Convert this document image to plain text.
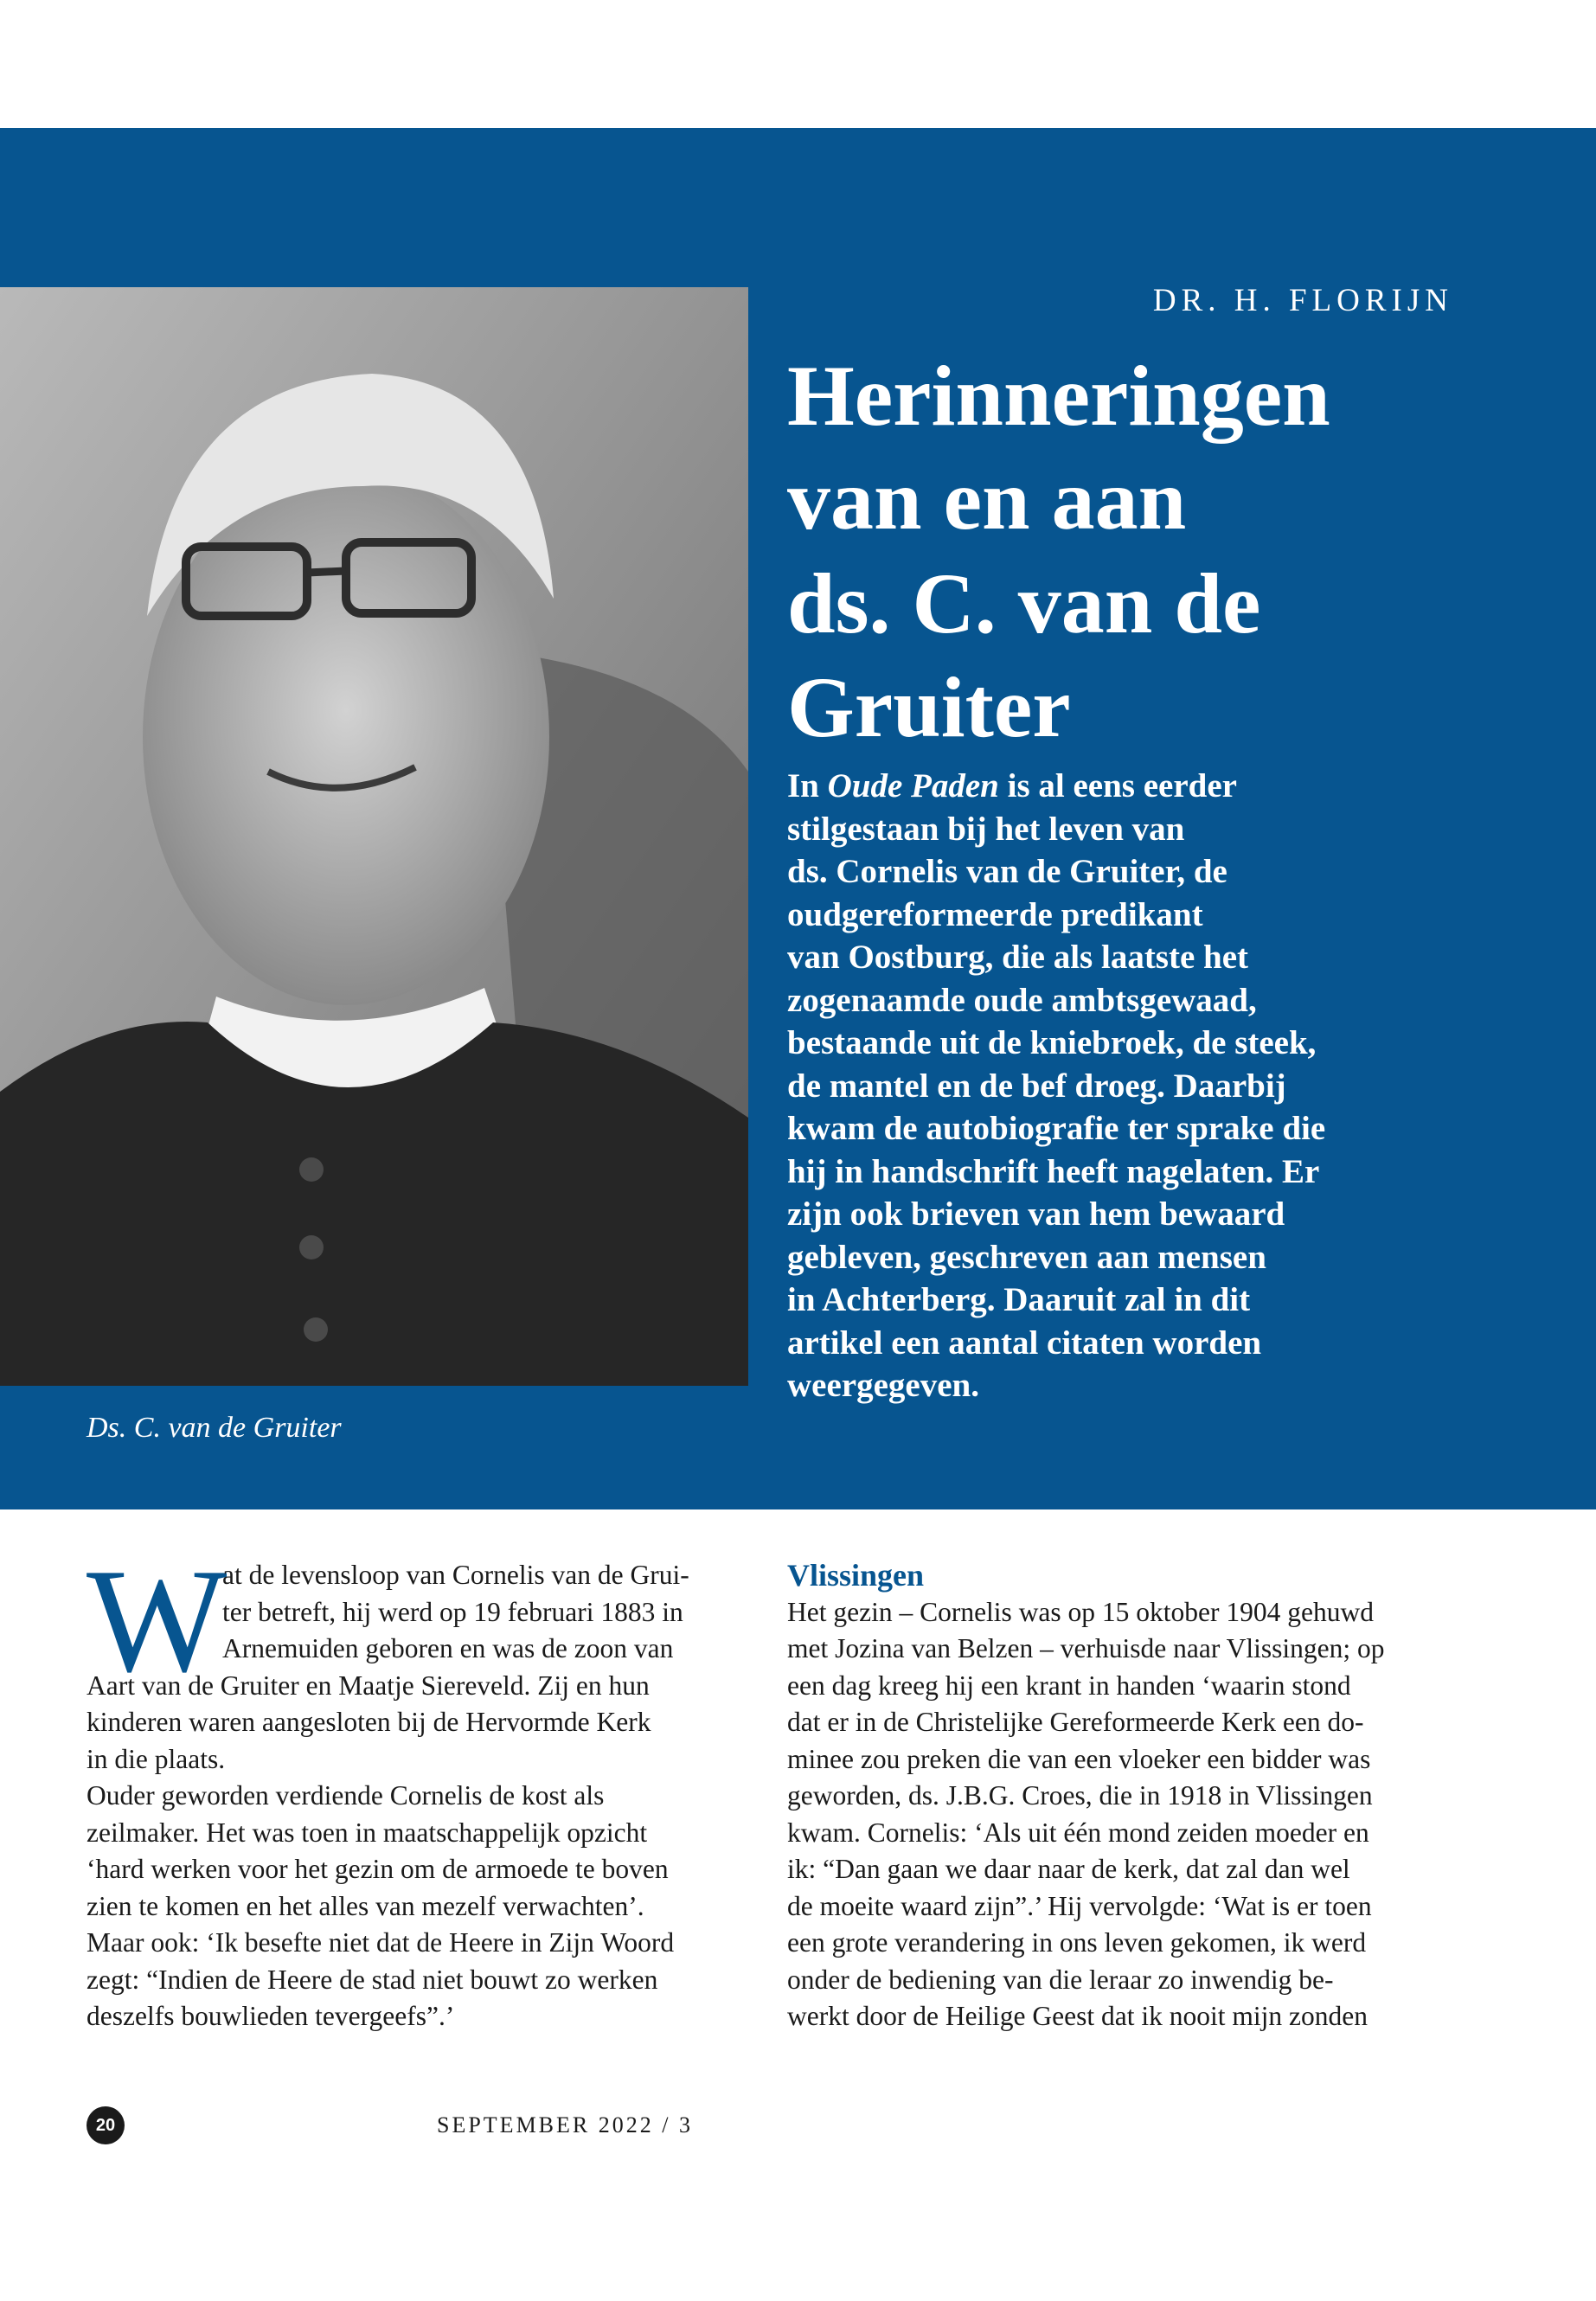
Ds. C. van de Gruiter
DR. H. FLORIJN
Herinneringen
van en aan
ds. C. van de
Gruiter
In Oude Paden is al eens eerder
stilgestaan bij het leven van
ds. Cornelis van de Gruiter, de
oudgereformeerde predikant
van Oostburg, die als laatste het
zogenaamde oude ambtsgewaad,
bestaande uit de kniebroek, de steek,
de mantel en de bef droeg. Daarbij
kwam de autobiografie ter sprake die
hij in handschrift heeft nagelaten. Er
zijn ook brieven van hem bewaard
gebleven, geschreven aan mensen
in Achterberg. Daaruit zal in dit
artikel een aantal citaten worden
weergegeven.
W
at de levensloop van Cornelis van de Grui-
ter betreft, hij werd op 19 februari 1883 in
Arnemuiden geboren en was de zoon van
Aart van de Gruiter en Maatje Siereveld. Zij en hun
kinderen waren aangesloten bij de Hervormde Kerk
in die plaats.
Ouder geworden verdiende Cornelis de kost als
zeilmaker. Het was toen in maatschappelijk opzicht
‘hard werken voor het gezin om de armoede te boven
zien te komen en het alles van mezelf verwachten’.
Maar ook: ‘Ik besefte niet dat de Heere in Zijn Woord
zegt: “Indien de Heere de stad niet bouwt zo werken
deszelfs bouwlieden tevergeefs”.’
Vlissingen
Het gezin – Cornelis was op 15 oktober 1904 gehuwd
met Jozina van Belzen – verhuisde naar Vlissingen; op
een dag kreeg hij een krant in handen ‘waarin stond
dat er in de Christelijke Gereformeerde Kerk een do-
minee zou preken die van een vloeker een bidder was
geworden, ds. J.B.G. Croes, die in 1918 in Vlissingen
kwam. Cornelis: ‘Als uit één mond zeiden moeder en
ik: “Dan gaan we daar naar de kerk, dat zal dan wel
de moeite waard zijn”.’ Hij vervolgde: ‘Wat is er toen
een grote verandering in ons leven gekomen, ik werd
onder de bediening van die leraar zo inwendig be-
werkt door de Heilige Geest dat ik nooit mijn zonden
20	SEPTEMBER 2022 / 3
